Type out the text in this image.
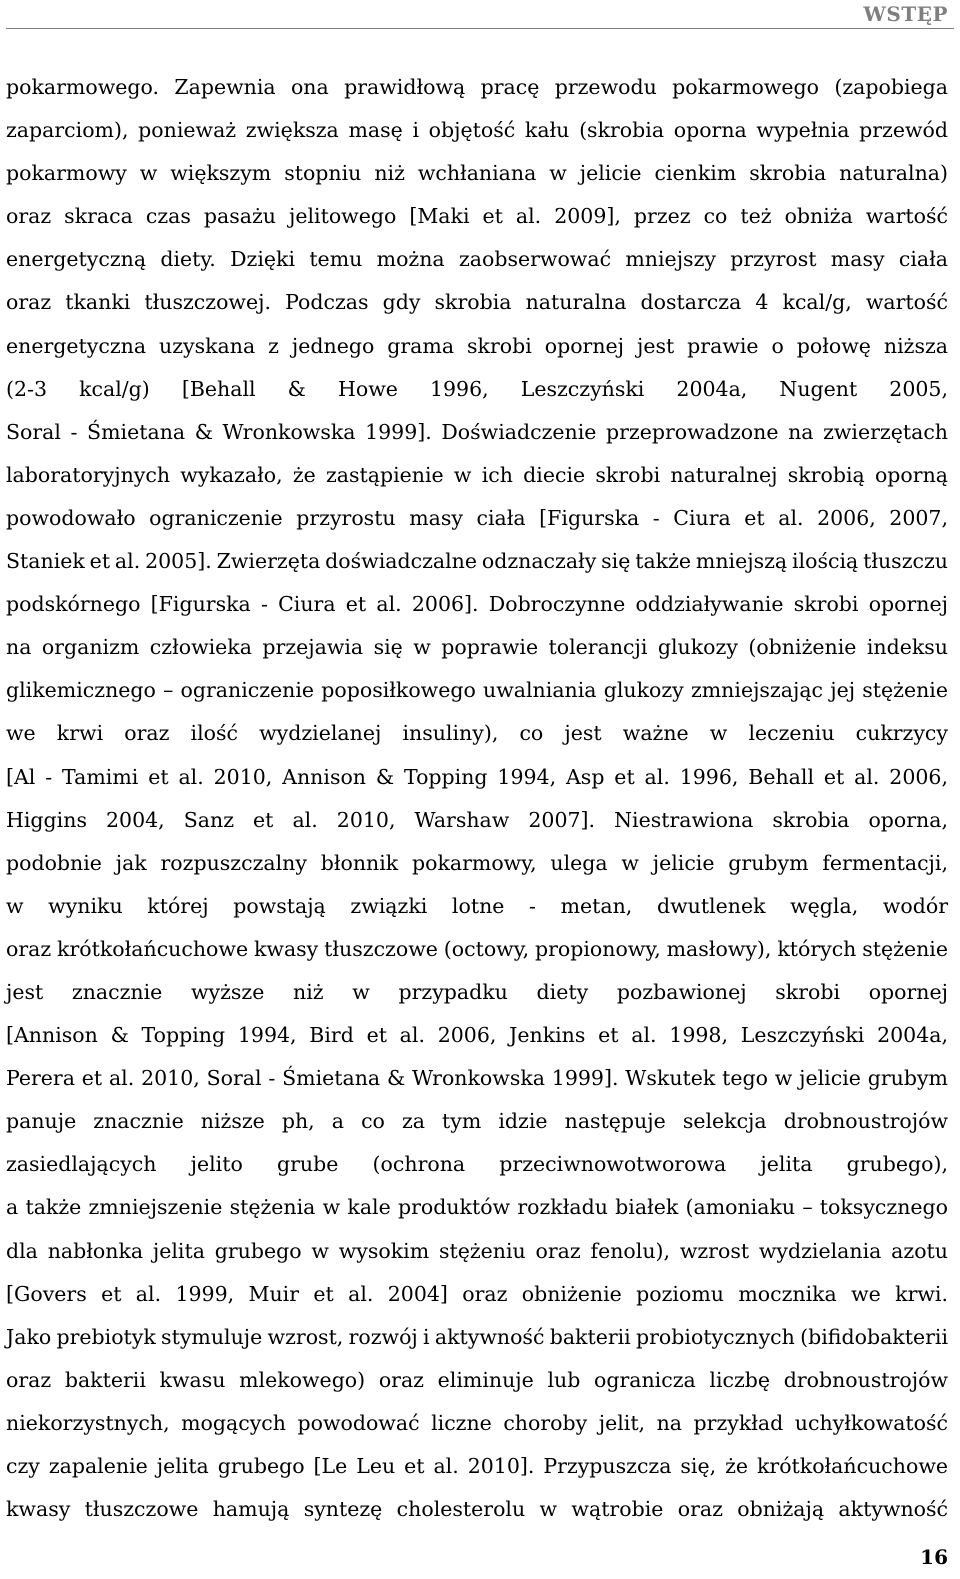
WSTĘP
pokarmowego. Zapewnia ona prawidłową pracę przewodu pokarmowego (zapobiega
zaparciom), ponieważ zwiększa masę i objętość kału (skrobia oporna wypełnia przewód
pokarmowy w większym stopniu niż wchłaniana w jelicie cienkim skrobia naturalna)
oraz skraca czas pasażu jelitowego [Maki et al. 2009], przez co też obniża wartość
energetyczną diety. Dzięki temu można zaobserwować mniejszy przyrost masy ciała
oraz tkanki tłuszczowej. Podczas gdy skrobia naturalna dostarcza 4 kcal/g, wartość
energetyczna uzyskana z jednego grama skrobi opornej jest prawie o połowę niższa
(2-3 kcal/g) [Behall & Howe 1996, Leszczyński 2004a, Nugent 2005,
Soral - Śmietana & Wronkowska 1999]. Doświadczenie przeprowadzone na zwierzętach
laboratoryjnych wykazało, że zastąpienie w ich diecie skrobi naturalnej skrobią oporną
powodowało ograniczenie przyrostu masy ciała [Figurska - Ciura et al. 2006, 2007,
Staniek et al. 2005]. Zwierzęta doświadczalne odznaczały się także mniejszą ilością tłuszczu
podskórnego [Figurska - Ciura et al. 2006]. Dobroczynne oddziaływanie skrobi opornej
na organizm człowieka przejawia się w poprawie tolerancji glukozy (obniżenie indeksu
glikemicznego – ograniczenie poposiłkowego uwalniania glukozy zmniejszając jej stężenie
we krwi oraz ilość wydzielanej insuliny), co jest ważne w leczeniu cukrzycy
[Al - Tamimi et al. 2010, Annison & Topping 1994, Asp et al. 1996, Behall et al. 2006,
Higgins 2004, Sanz et al. 2010, Warshaw 2007]. Niestrawiona skrobia oporna,
podobnie jak rozpuszczalny błonnik pokarmowy, ulega w jelicie grubym fermentacji,
w wyniku której powstają związki lotne - metan, dwutlenek węgla, wodór
oraz krótkołańcuchowe kwasy tłuszczowe (octowy, propionowy, masłowy), których stężenie
jest znacznie wyższe niż w przypadku diety pozbawionej skrobi opornej
[Annison & Topping 1994, Bird et al. 2006, Jenkins et al. 1998, Leszczyński 2004a,
Perera et al. 2010, Soral - Śmietana & Wronkowska 1999]. Wskutek tego w jelicie grubym
panuje znacznie niższe ph, a co za tym idzie następuje selekcja drobnoustrojów
zasiedlających jelito grube (ochrona przeciwnowotworowa jelita grubego),
a także zmniejszenie stężenia w kale produktów rozkładu białek (amoniaku – toksycznego
dla nabłonka jelita grubego w wysokim stężeniu oraz fenolu), wzrost wydzielania azotu
[Govers et al. 1999, Muir et al. 2004] oraz obniżenie poziomu mocznika we krwi.
Jako prebiotyk stymuluje wzrost, rozwój i aktywność bakterii probiotycznych (bifidobakterii
oraz bakterii kwasu mlekowego) oraz eliminuje lub ogranicza liczbę drobnoustrojów
niekorzystnych, mogących powodować liczne choroby jelit, na przykład uchyłkowatość
czy zapalenie jelita grubego [Le Leu et al. 2010]. Przypuszcza się, że krótkołańcuchowe
kwasy tłuszczowe hamują syntezę cholesterolu w wątrobie oraz obniżają aktywność
16
